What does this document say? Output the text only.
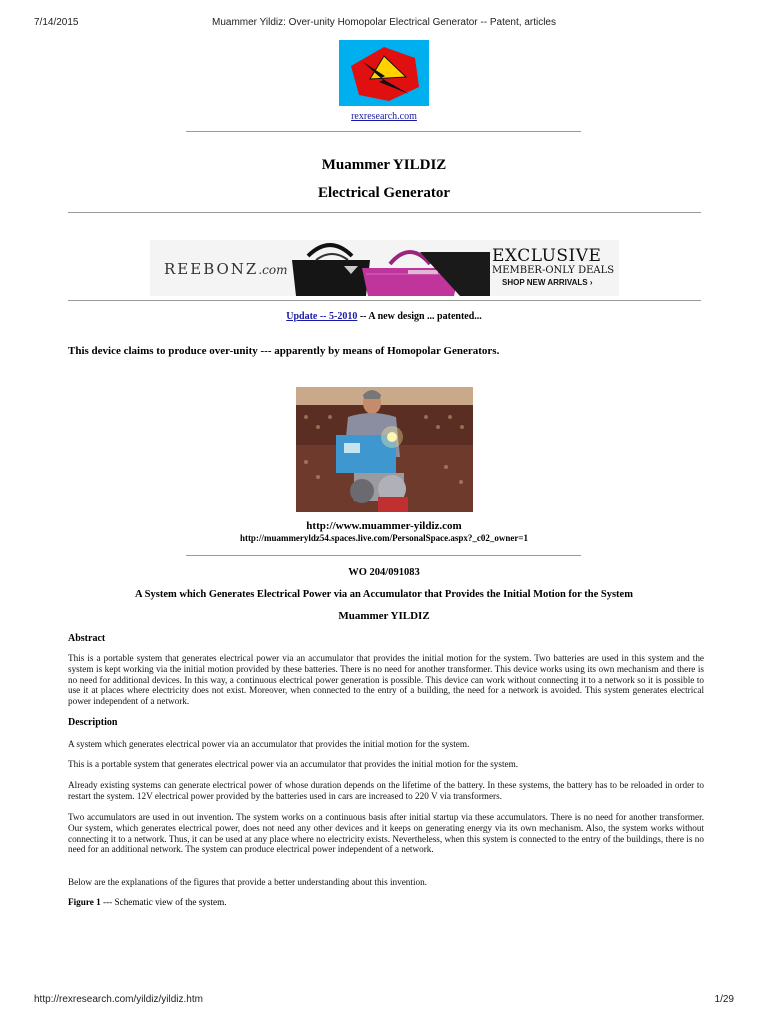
7/14/2015	Muammer Yildiz: Over-unity Homopolar Electrical Generator -- Patent, articles
rexresearch.com
Muammer YILDIZ
Electrical Generator
REEBONZ.com
EXCLUSIVE
MEMBER-ONLY DEALS
SHOP NEW ARRIVALS ›
Update -- 5-2010 -- A new design ... patented...
This device claims to produce over-unity --- apparently by means of Homopolar Generators.
http://www.muammer-yildiz.com
http://muammeryldz54.spaces.live.com/PersonalSpace.aspx?_c02_owner=1
WO 204/091083
A System which Generates Electrical Power via an Accumulator that Provides the Initial Motion for the System
Muammer YILDIZ
Abstract
This is a portable system that generates electrical power via an accumulator that provides the initial motion for the system. Two batteries are used in this system and the system is kept working via the initial motion provided by these batteries. There is no need for another transformer. This device works using its own mechanism and there is no need for additional devices. In this way, a continuous electrical power generation is possible. This device can work without connecting it to a network so it is possible to use it at places where electricity does not exist. Moreover, when connected to the entry of a building, the need for a network is avoided. This system generates electrical power independent of a network.
Description
A system which generates electrical power via an accumulator that provides the initial motion for the system.
This is a portable system that generates electrical power via an accumulator that provides the initial motion for the system.
Already existing systems can generate electrical power of whose duration depends on the lifetime of the battery. In these systems, the battery has to be reloaded in order to restart the system. 12V electrical power provided by the batteries used in cars are increased to 220 V via transformers.
Two accumulators are used in out invention. The system works on a continuous basis after initial startup via these accumulators. There is no need for another transformer. Our system, which generates electrical power, does not need any other devices and it keeps on generating energy via its own mechanism. Also, the system works without connecting it to a network. Thus, it can be used at any place where no electricity exists. Nevertheless, when this system is connected to the entry of the buildings, there is no need for an additional network. The system can produce electrical power independent of a network.
Below are the explanations of the figures that provide a better understanding about this invention.
Figure 1 --- Schematic view of the system.
http://rexresearch.com/yildiz/yildiz.htm	1/29
